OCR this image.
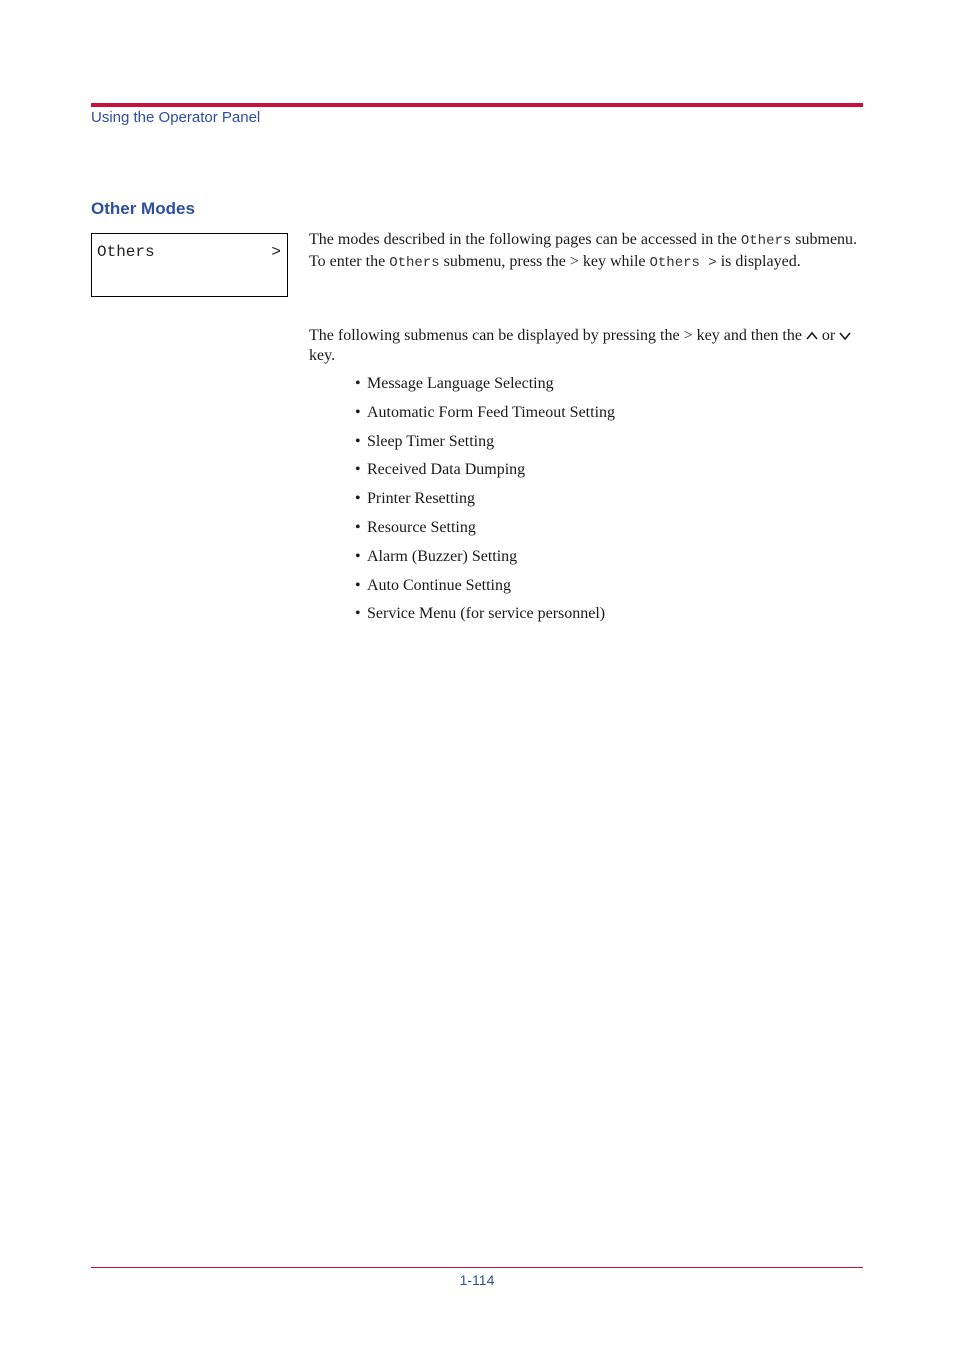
Using the Operator Panel
Other Modes
Others	>
The modes described in the following pages can be accessed in the Others submenu. To enter the Others submenu, press the > key while Others > is displayed.
The following submenus can be displayed by pressing the > key and then the or
key.
• Message Language Selecting
• Automatic Form Feed Timeout Setting
• Sleep Timer Setting
• Received Data Dumping
• Printer Resetting
• Resource Setting
• Alarm (Buzzer) Setting
• Auto Continue Setting
• Service Menu (for service personnel)
1-114
